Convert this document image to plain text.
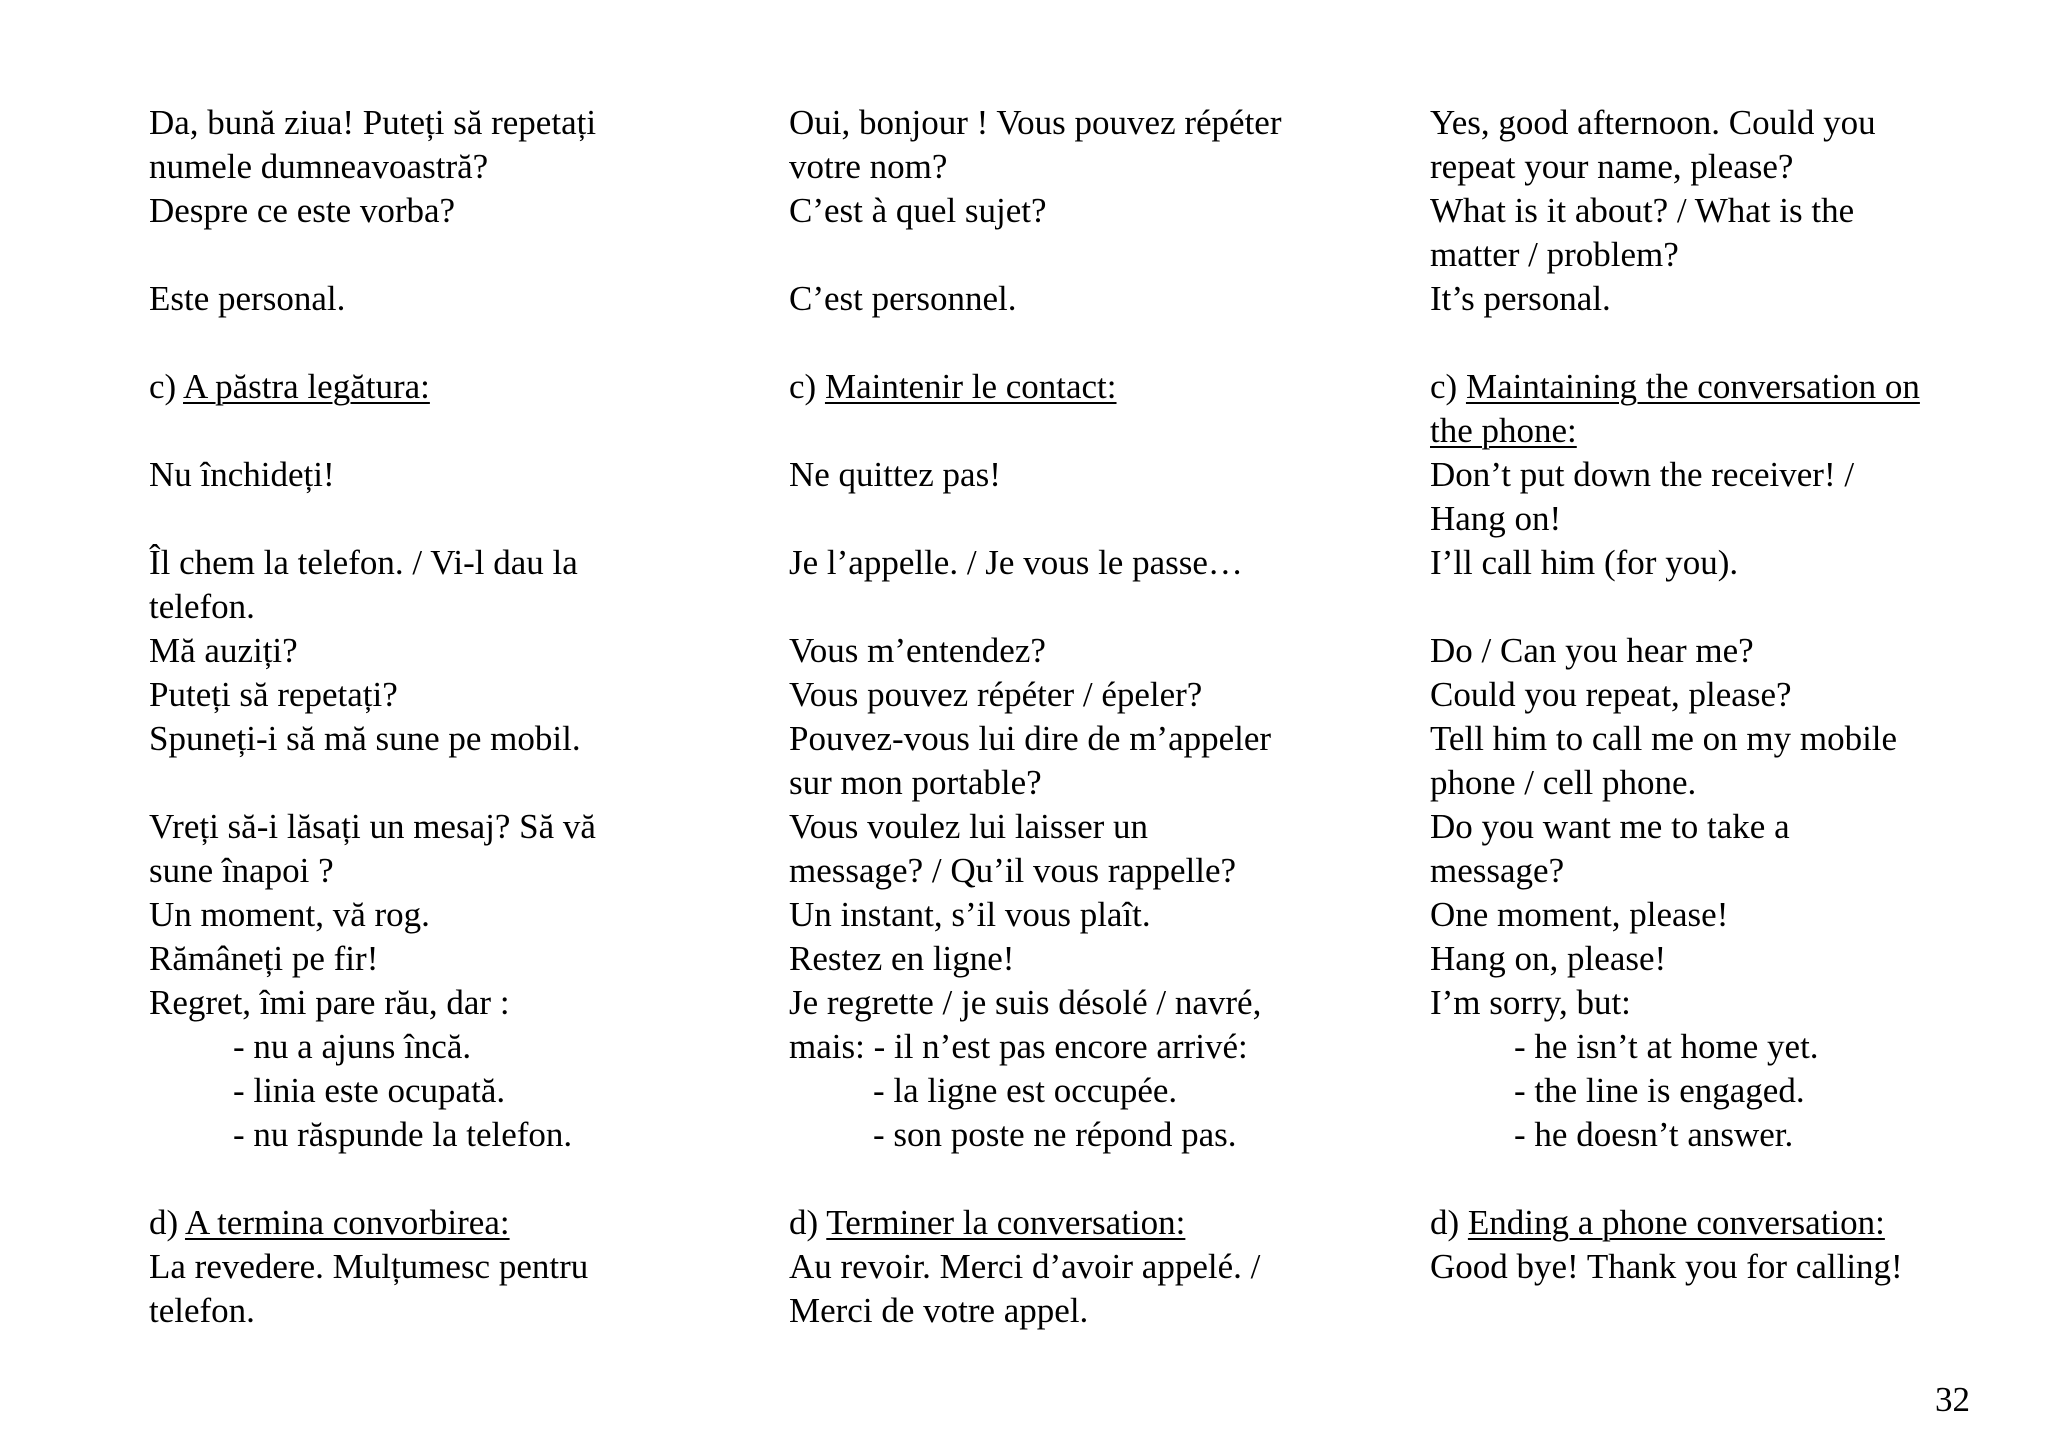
Da, bună ziua! Puteți să repetați
numele dumneavoastră?
Despre ce este vorba?
Este personal.
c) A păstra legătura:
Nu închideți!
Îl chem la telefon. / Vi-l dau la
telefon.
Mă auziți?
Puteți să repetați?
Spuneți-i să mă sune pe mobil.
Vreți să-i lăsați un mesaj? Să vă
sune înapoi ?
Un moment, vă rog.
Rămâneți pe fir!
Regret, îmi pare rău, dar :
- nu a ajuns încă.
- linia este ocupată.
- nu răspunde la telefon.
d) A termina convorbirea:
La revedere. Mulțumesc pentru
telefon.
Oui, bonjour ! Vous pouvez répéter
votre nom?
C’est à quel sujet?
C’est personnel.
c) Maintenir le contact:
Ne quittez pas!
Je l’appelle. / Je vous le passe…
Vous m’entendez?
Vous pouvez répéter / épeler?
Pouvez-vous lui dire de m’appeler
sur mon portable?
Vous voulez lui laisser un
message? / Qu’il vous rappelle?
Un instant, s’il vous plaît.
Restez en ligne!
Je regrette / je suis désolé / navré,
mais: - il n’est pas encore arrivé:
- la ligne est occupée.
- son poste ne répond pas.
d) Terminer la conversation:
Au revoir. Merci d’avoir appelé. /
Merci de votre appel.
Yes, good afternoon. Could you
repeat your name, please?
What is it about? / What is the
matter / problem?
It’s personal.
c) Maintaining the conversation on
the phone:
Don’t put down the receiver! /
Hang on!
I’ll call him (for you).
Do / Can you hear me?
Could you repeat, please?
Tell him to call me on my mobile
phone / cell phone.
Do you want me to take a
message?
One moment, please!
Hang on, please!
I’m sorry, but:
- he isn’t at home yet.
- the line is engaged.
- he doesn’t answer.
d) Ending a phone conversation:
Good bye! Thank you for calling!
32
